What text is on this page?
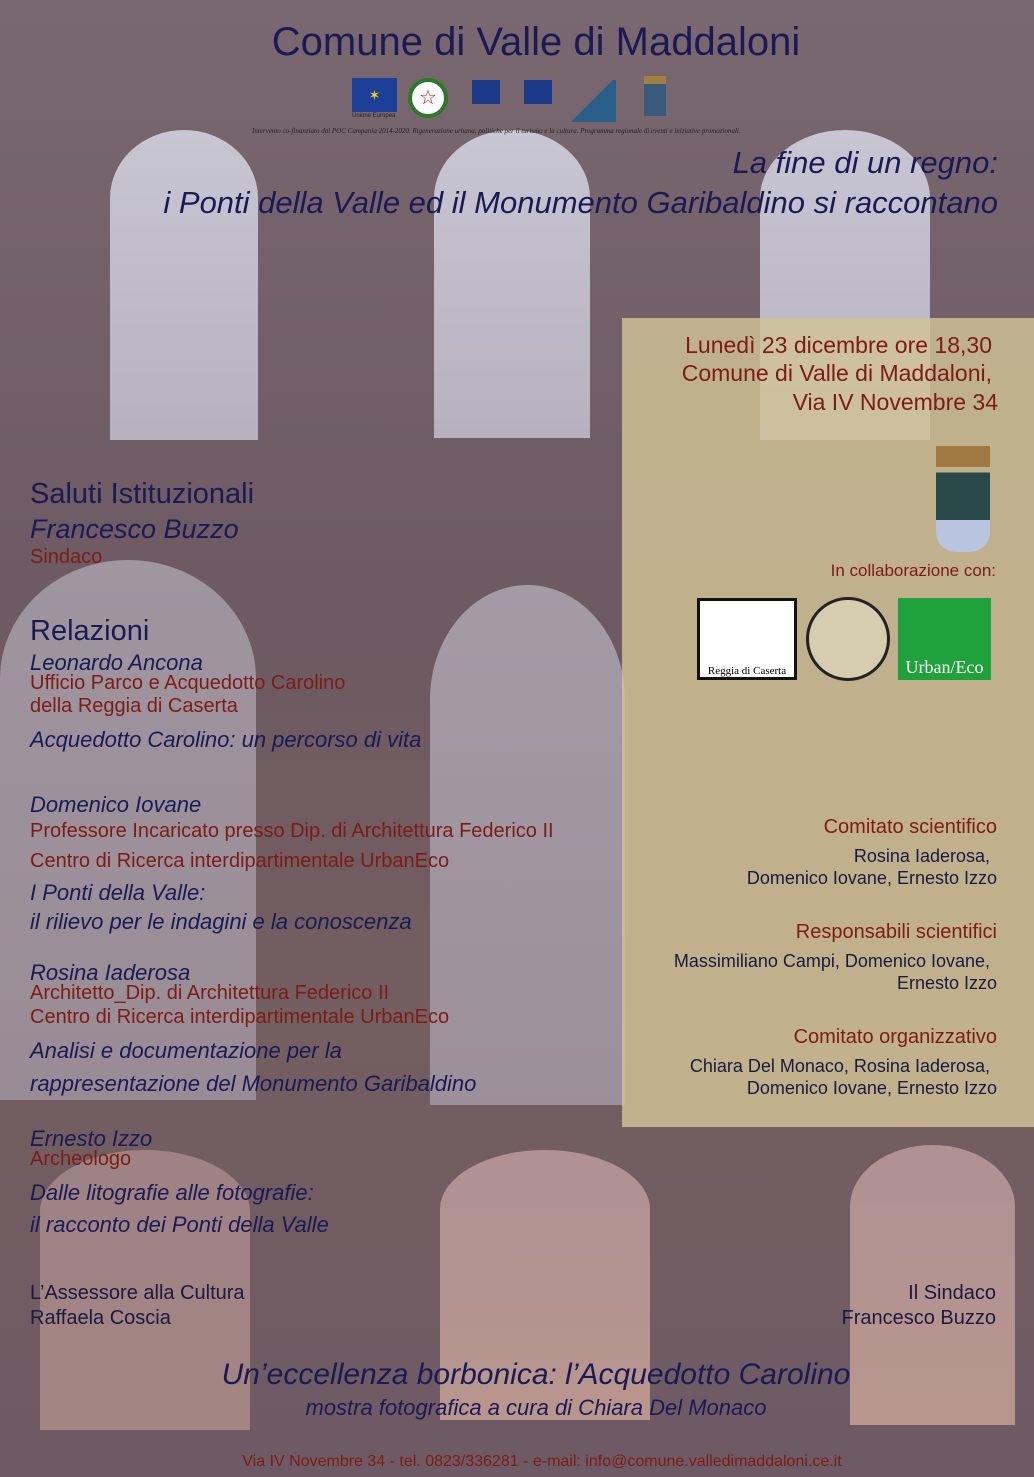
Comune di Valle di Maddaloni
✶
Unione Europea
☆
Intervento co-finanziato dal POC Campania 2014-2020. Rigenerazione urbana, politiche per il turismo e la cultura. Programma regionale di eventi e iniziative promozionali.
La fine di un regno:
i Ponti della Valle ed il Monumento Garibaldino si raccontano
Lunedì 23 dicembre ore 18,30
Comune di Valle di Maddaloni,
Via IV Novembre 34
In collaborazione con:
Reggia di Caserta	Urban/Eco
Saluti Istituzionali
Francesco Buzzo
Sindaco
Relazioni
Leonardo Ancona
Ufficio Parco e Acquedotto Carolino
della Reggia di Caserta
Acquedotto Carolino: un percorso di vita
Domenico Iovane
Professore Incaricato presso Dip. di Architettura Federico II
Centro di Ricerca interdipartimentale UrbanEco
I Ponti della Valle:
il rilievo per le indagini e la conoscenza
Rosina Iaderosa
Architetto_Dip. di Architettura Federico II
Centro di Ricerca interdipartimentale UrbanEco
Analisi e documentazione per la
rappresentazione del Monumento Garibaldino
Ernesto Izzo
Archeologo
Dalle litografie alle fotografie:
il racconto dei Ponti della Valle
Comitato scientifico
Rosina Iaderosa,
Domenico Iovane, Ernesto Izzo
Responsabili scientifici
Massimiliano Campi, Domenico Iovane,
Ernesto Izzo
Comitato organizzativo
Chiara Del Monaco, Rosina Iaderosa,
Domenico Iovane, Ernesto Izzo
L’Assessore alla Cultura
Raffaela Coscia
Il Sindaco
Francesco Buzzo
Un’eccellenza borbonica: l’Acquedotto Carolino
mostra fotografica a cura di Chiara Del Monaco
Via IV Novembre 34 - tel. 0823/336281 - e-mail: info@comune.valledimaddaloni.ce.it
